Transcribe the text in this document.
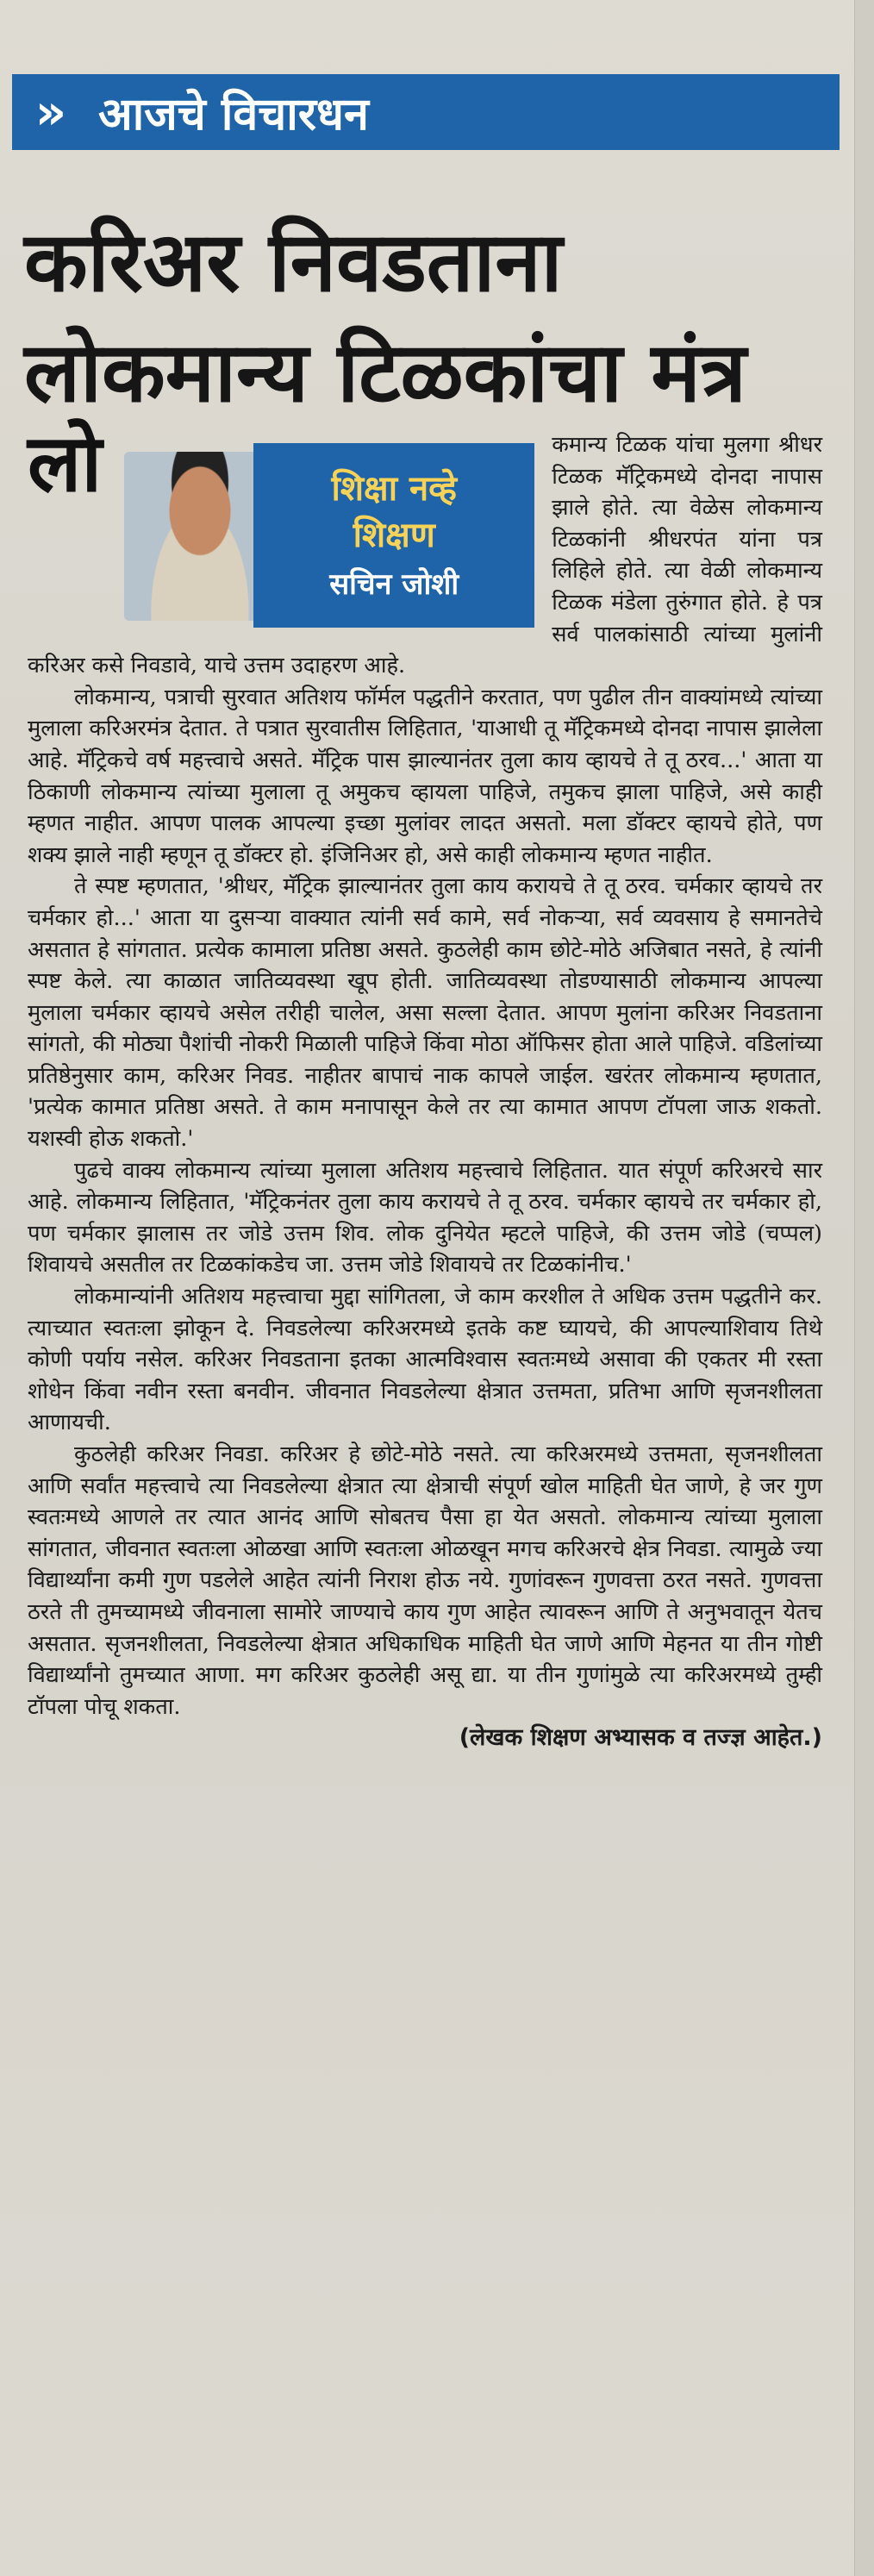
» आजचे विचारधन
करिअर निवडताना
लोकमान्य टिळकांचा मंत्र

लो	शिक्षा नव्हे
शिक्षण
सचिन जोशी
कमान्य टिळक यांचा मुलगा श्रीधर टिळक मॅट्रिकमध्ये दोनदा नापास झाले होते. त्या वेळेस लोकमान्य टिळकांनी श्रीधरपंत यांना पत्र लिहिले होते. त्या वेळी लोकमान्य टिळक मंडेला तुरुंगात होते. हे पत्र सर्व पालकांसाठी त्यांच्या मुलांनी करिअर कसे निवडावे, याचे उत्तम उदाहरण आहे.

लोकमान्य, पत्राची सुरवात अतिशय फॉर्मल पद्धतीने करतात, पण पुढील तीन वाक्यांमध्ये त्यांच्या मुलाला करिअरमंत्र देतात. ते पत्रात सुरवातीस लिहितात, 'याआधी तू मॅट्रिकमध्ये दोनदा नापास झालेला आहे. मॅट्रिकचे वर्ष महत्त्वाचे असते. मॅट्रिक पास झाल्यानंतर तुला काय व्हायचे ते तू ठरव...' आता या ठिकाणी लोकमान्य त्यांच्या मुलाला तू अमुकच व्हायला पाहिजे, तमुकच झाला पाहिजे, असे काही म्हणत नाहीत. आपण पालक आपल्या इच्छा मुलांवर लादत असतो. मला डॉक्टर व्हायचे होते, पण शक्य झाले नाही म्हणून तू डॉक्टर हो. इंजिनिअर हो, असे काही लोकमान्य म्हणत नाहीत.

ते स्पष्ट म्हणतात, 'श्रीधर, मॅट्रिक झाल्यानंतर तुला काय करायचे ते तू ठरव. चर्मकार व्हायचे तर चर्मकार हो...' आता या दुसऱ्या वाक्यात त्यांनी सर्व कामे, सर्व नोकऱ्या, सर्व व्यवसाय हे समानतेचे असतात हे सांगतात. प्रत्येक कामाला प्रतिष्ठा असते. कुठलेही काम छोटे-मोठे अजिबात नसते, हे त्यांनी स्पष्ट केले. त्या काळात जातिव्यवस्था खूप होती. जातिव्यवस्था तोडण्यासाठी लोकमान्य आपल्या मुलाला चर्मकार व्हायचे असेल तरीही चालेल, असा सल्ला देतात. आपण मुलांना करिअर निवडताना सांगतो, की मोठ्या पैशांची नोकरी मिळाली पाहिजे किंवा मोठा ऑफिसर होता आले पाहिजे. वडिलांच्या प्रतिष्ठेनुसार काम, करिअर निवड. नाहीतर बापाचं नाक कापले जाईल. खरंतर लोकमान्य म्हणतात, 'प्रत्येक कामात प्रतिष्ठा असते. ते काम मनापासून केले तर त्या कामात आपण टॉपला जाऊ शकतो. यशस्वी होऊ शकतो.'

पुढचे वाक्य लोकमान्य त्यांच्या मुलाला अतिशय महत्त्वाचे लिहितात. यात संपूर्ण करिअरचे सार आहे. लोकमान्य लिहितात, 'मॅट्रिकनंतर तुला काय करायचे ते तू ठरव. चर्मकार व्हायचे तर चर्मकार हो, पण चर्मकार झालास तर जोडे उत्तम शिव. लोक दुनियेत म्हटले पाहिजे, की उत्तम जोडे (चप्पल) शिवायचे असतील तर टिळकांकडेच जा. उत्तम जोडे शिवायचे तर टिळकांनीच.'

लोकमान्यांनी अतिशय महत्त्वाचा मुद्दा सांगितला, जे काम करशील ते अधिक उत्तम पद्धतीने कर. त्याच्यात स्वतःला झोकून दे. निवडलेल्या करिअरमध्ये इतके कष्ट घ्यायचे, की आपल्याशिवाय तिथे कोणी पर्याय नसेल. करिअर निवडताना इतका आत्मविश्वास स्वतःमध्ये असावा की एकतर मी रस्ता शोधेन किंवा नवीन रस्ता बनवीन. जीवनात निवडलेल्या क्षेत्रात उत्तमता, प्रतिभा आणि सृजनशीलता आणायची.

कुठलेही करिअर निवडा. करिअर हे छोटे-मोठे नसते. त्या करिअरमध्ये उत्तमता, सृजनशीलता आणि सर्वांत महत्त्वाचे त्या निवडलेल्या क्षेत्रात त्या क्षेत्राची संपूर्ण खोल माहिती घेत जाणे, हे जर गुण स्वतःमध्ये आणले तर त्यात आनंद आणि सोबतच पैसा हा येत असतो. लोकमान्य त्यांच्या मुलाला सांगतात, जीवनात स्वतःला ओळखा आणि स्वतःला ओळखून मगच करिअरचे क्षेत्र निवडा. त्यामुळे ज्या विद्यार्थ्यांना कमी गुण पडलेले आहेत त्यांनी निराश होऊ नये. गुणांवरून गुणवत्ता ठरत नसते. गुणवत्ता ठरते ती तुमच्यामध्ये जीवनाला सामोरे जाण्याचे काय गुण आहेत त्यावरून आणि ते अनुभवातून येतच असतात. सृजनशीलता, निवडलेल्या क्षेत्रात अधिकाधिक माहिती घेत जाणे आणि मेहनत या तीन गोष्टी विद्यार्थ्यांनो तुमच्यात आणा. मग करिअर कुठलेही असू द्या. या तीन गुणांमुळे त्या करिअरमध्ये तुम्ही टॉपला पोचू शकता.

(लेखक शिक्षण अभ्यासक व तज्ज्ञ आहेत.)
